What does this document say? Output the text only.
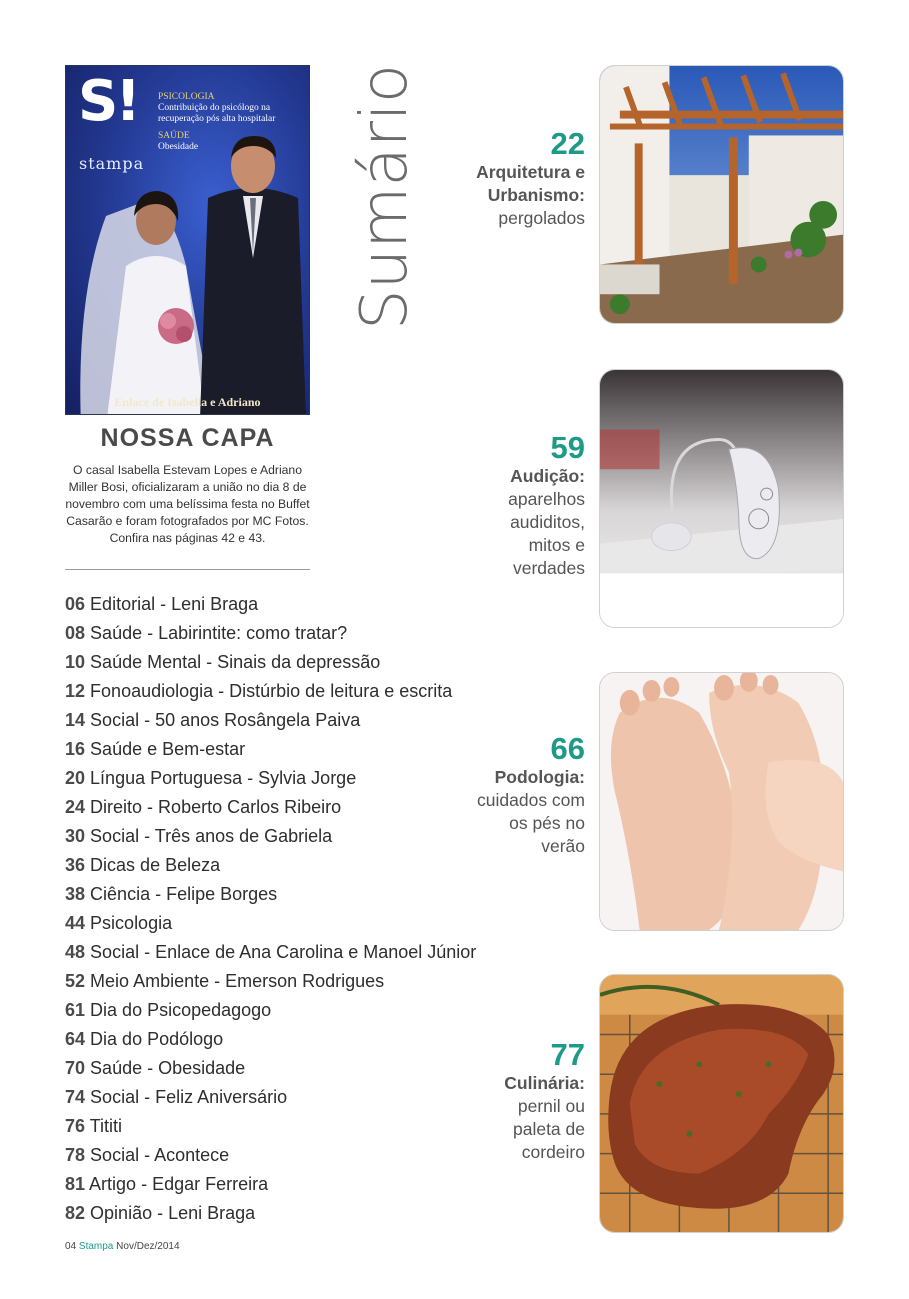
S!
stampa
PSICOLOGIA
Contribuição do psicólogo na recuperação pós alta hospitalar

SAÚDE
Obesidade
Enlace de Isabella e Adriano
Sumário
NOSSA CAPA
O casal Isabella Estevam Lopes e Adriano Miller Bosi, oficializaram a união no dia 8 de novembro com uma belíssima festa no Buffet Casarão e foram fotografados por MC Fotos. Confira nas páginas 42 e 43.
06 Editorial - Leni Braga
08 Saúde - Labirintite: como tratar?
10 Saúde Mental - Sinais da depressão
12 Fonoaudiologia - Distúrbio de leitura e escrita
14 Social - 50 anos Rosângela Paiva
16 Saúde e Bem-estar
20 Língua Portuguesa - Sylvia Jorge
24 Direito - Roberto Carlos Ribeiro
30 Social - Três anos de Gabriela
36 Dicas de Beleza
38 Ciência - Felipe Borges
44 Psicologia
48 Social - Enlace de Ana Carolina e Manoel Júnior
52 Meio Ambiente - Emerson Rodrigues
61 Dia do Psicopedagogo
64 Dia do Podólogo
70 Saúde - Obesidade
74 Social - Feliz Aniversário
76 Tititi
78 Social - Acontece
81 Artigo - Edgar Ferreira
82 Opinião - Leni Braga
22
Arquitetura e Urbanismo:
pergolados
59
Audição:
aparelhos audiditos, mitos e verdades
66
Podologia:
cuidados com os pés no verão
77
Culinária:
pernil ou paleta de cordeiro
04 Stampa Nov/Dez/2014
